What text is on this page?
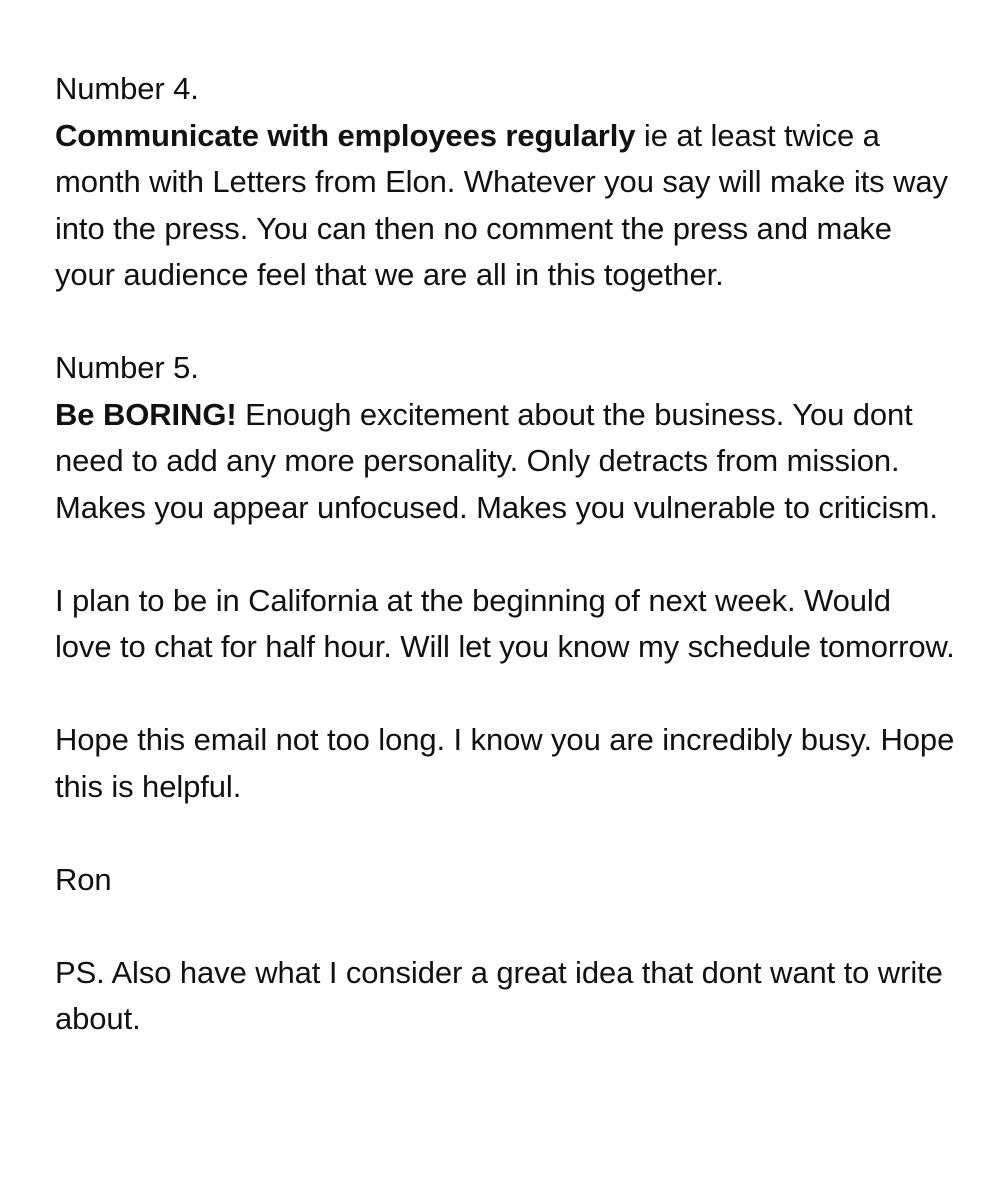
Number 4.

Communicate with employees regularly ie at least twice a month with Letters from Elon. Whatever you say will make its way into the press. You can then no comment the press and make your audience feel that we are all in this together.

Number 5.

Be BORING! Enough excitement about the business. You dont need to add any more personality. Only detracts from mission. Makes you appear unfocused. Makes you vulnerable to criticism.

I plan to be in California at the beginning of next week. Would love to chat for half hour. Will let you know my schedule tomorrow.

Hope this email not too long. I know you are incredibly busy. Hope this is helpful.

Ron

PS. Also have what I consider a great idea that dont want to write about.
